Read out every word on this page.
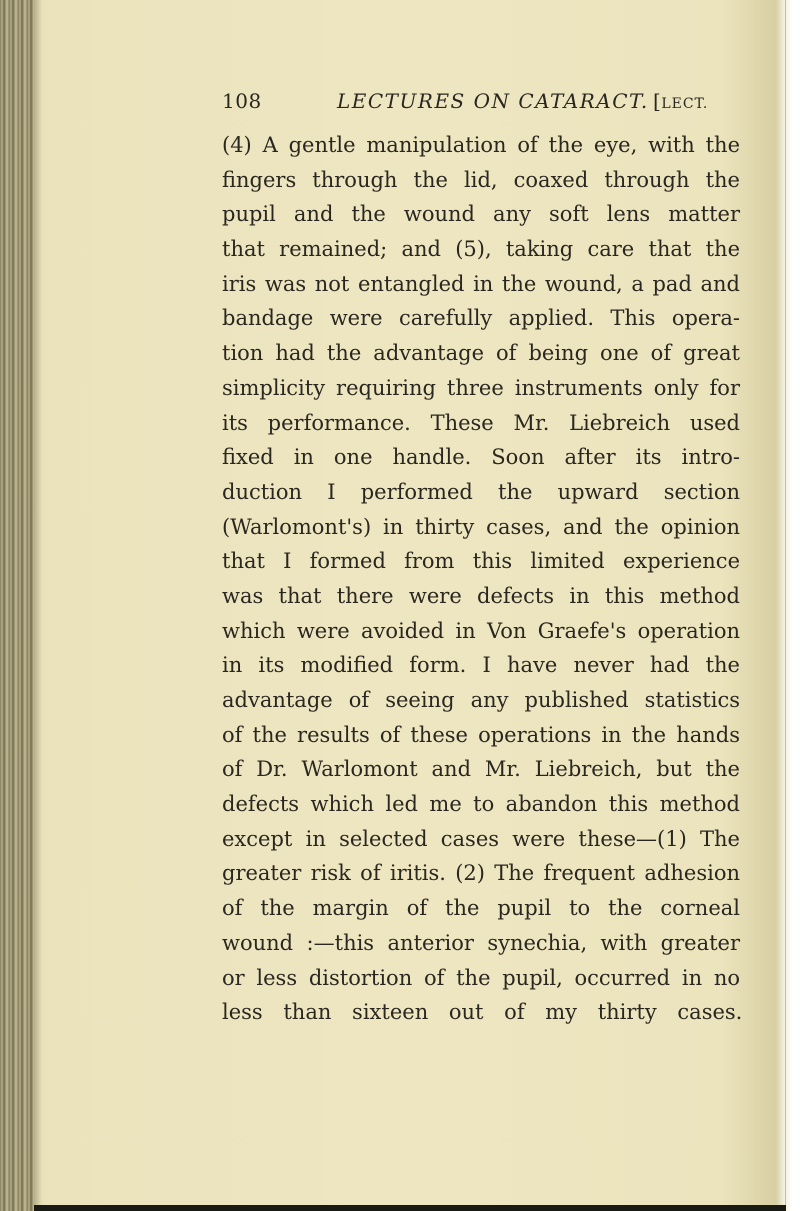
108	LECTURES ON CATARACT. [LECT.
(4) A gentle manipulation of the eye, with the
fingers through the lid, coaxed through the
pupil and the wound any soft lens matter
that remained; and (5), taking care that the
iris was not entangled in the wound, a pad and
bandage were carefully applied. This opera-
tion had the advantage of being one of great
simplicity requiring three instruments only for
its performance. These Mr. Liebreich used
fixed in one handle. Soon after its intro-
duction I performed the upward section
(Warlomont's) in thirty cases, and the opinion
that I formed from this limited experience
was that there were defects in this method
which were avoided in Von Graefe's operation
in its modified form. I have never had the
advantage of seeing any published statistics
of the results of these operations in the hands
of Dr. Warlomont and Mr. Liebreich, but the
defects which led me to abandon this method
except in selected cases were these—(1) The
greater risk of iritis. (2) The frequent adhesion
of the margin of the pupil to the corneal
wound :—this anterior synechia, with greater
or less distortion of the pupil, occurred in no
less than sixteen out of my thirty cases.
